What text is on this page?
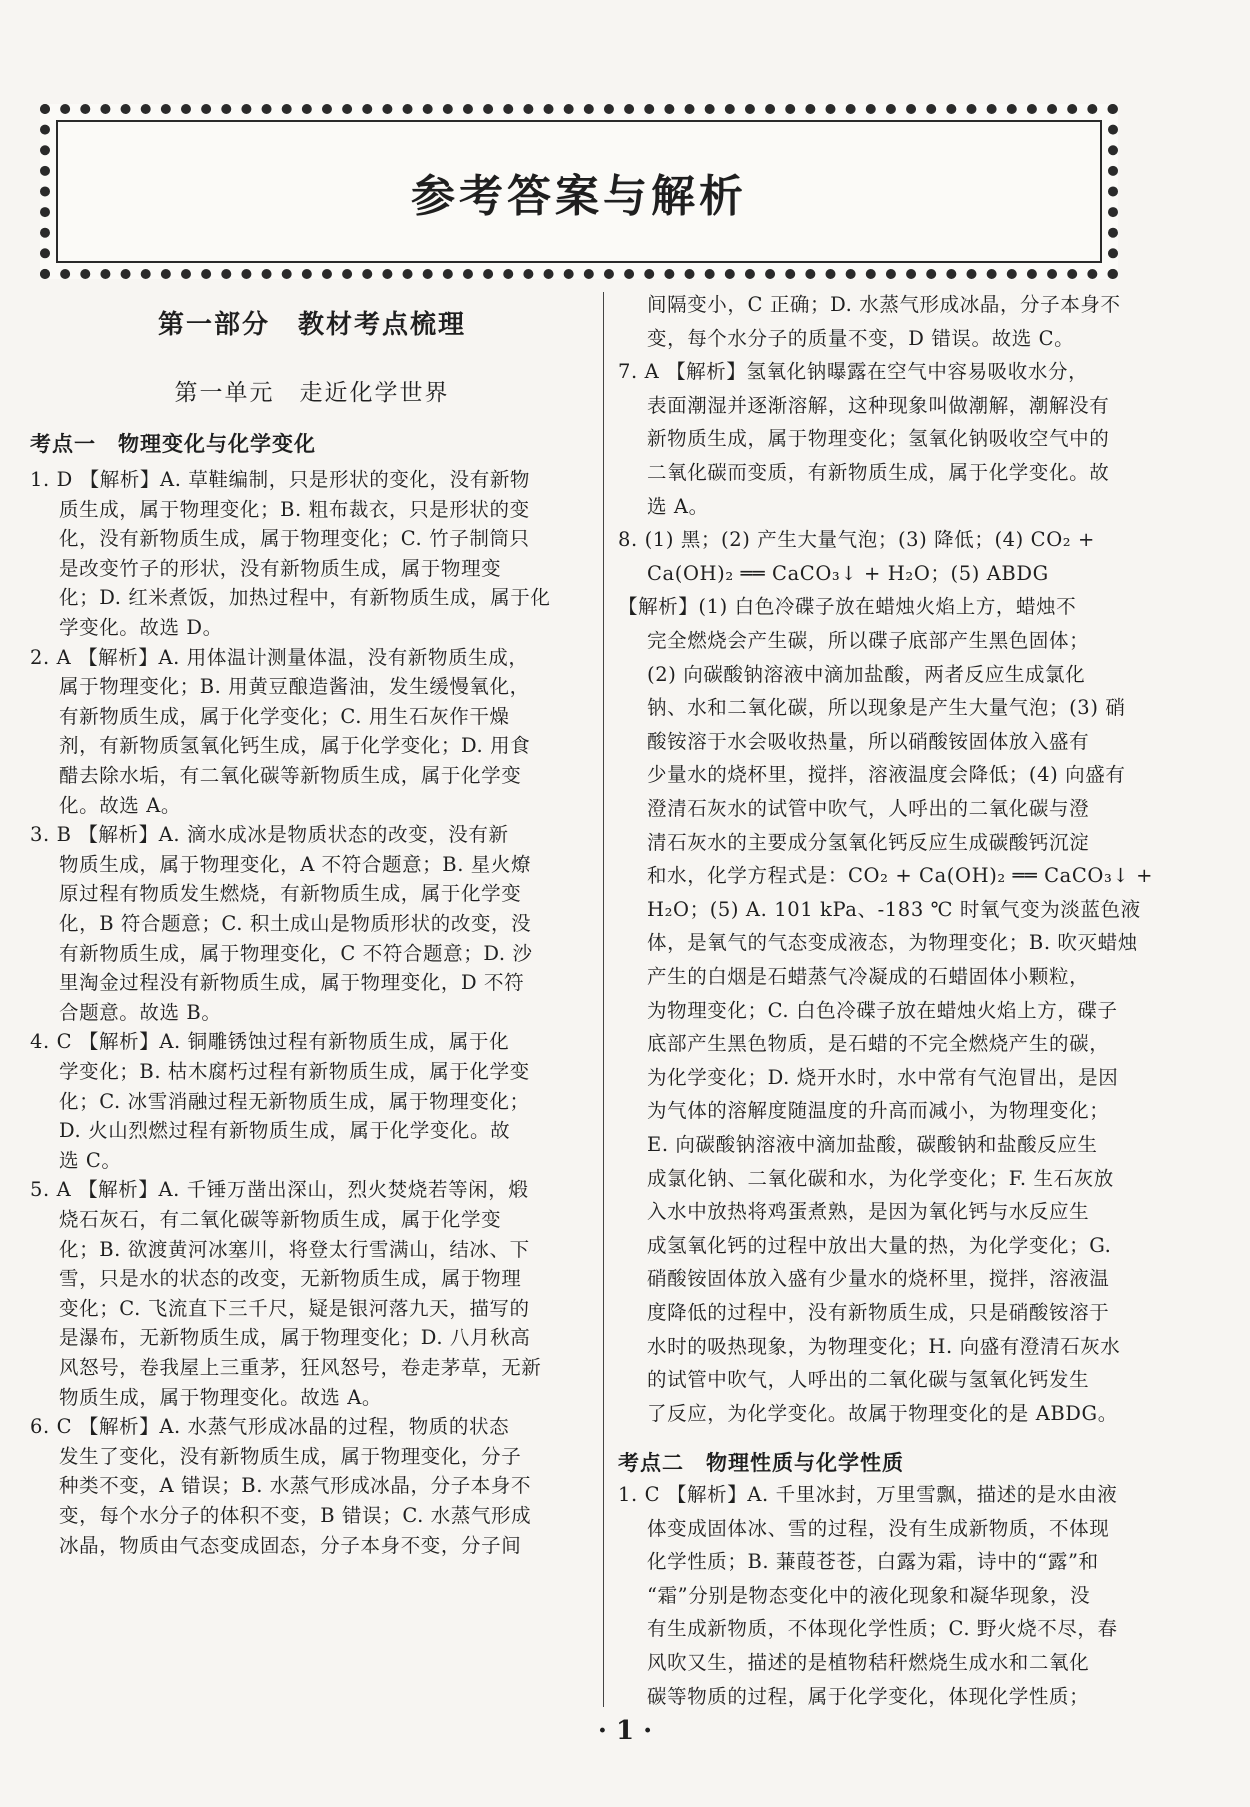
参考答案与解析
第一部分　教材考点梳理
第一单元　走近化学世界
考点一　物理变化与化学变化
1. D 【解析】A. 草鞋编制，只是形状的变化，没有新物
质生成，属于物理变化；B. 粗布裁衣，只是形状的变
化，没有新物质生成，属于物理变化；C. 竹子制筒只
是改变竹子的形状，没有新物质生成，属于物理变
化；D. 红米煮饭，加热过程中，有新物质生成，属于化
学变化。故选 D。
2. A 【解析】A. 用体温计测量体温，没有新物质生成，
属于物理变化；B. 用黄豆酿造酱油，发生缓慢氧化，
有新物质生成，属于化学变化；C. 用生石灰作干燥
剂，有新物质氢氧化钙生成，属于化学变化；D. 用食
醋去除水垢，有二氧化碳等新物质生成，属于化学变
化。故选 A。
3. B 【解析】A. 滴水成冰是物质状态的改变，没有新
物质生成，属于物理变化，A 不符合题意；B. 星火燎
原过程有物质发生燃烧，有新物质生成，属于化学变
化，B 符合题意；C. 积土成山是物质形状的改变，没
有新物质生成，属于物理变化，C 不符合题意；D. 沙
里淘金过程没有新物质生成，属于物理变化，D 不符
合题意。故选 B。
4. C 【解析】A. 铜雕锈蚀过程有新物质生成，属于化
学变化；B. 枯木腐朽过程有新物质生成，属于化学变
化；C. 冰雪消融过程无新物质生成，属于物理变化；
D. 火山烈燃过程有新物质生成，属于化学变化。故
选 C。
5. A 【解析】A. 千锤万凿出深山，烈火焚烧若等闲，煅
烧石灰石，有二氧化碳等新物质生成，属于化学变
化；B. 欲渡黄河冰塞川，将登太行雪满山，结冰、下
雪，只是水的状态的改变，无新物质生成，属于物理
变化；C. 飞流直下三千尺，疑是银河落九天，描写的
是瀑布，无新物质生成，属于物理变化；D. 八月秋高
风怒号，卷我屋上三重茅，狂风怒号，卷走茅草，无新
物质生成，属于物理变化。故选 A。
6. C 【解析】A. 水蒸气形成冰晶的过程，物质的状态
发生了变化，没有新物质生成，属于物理变化，分子
种类不变，A 错误；B. 水蒸气形成冰晶，分子本身不
变，每个水分子的体积不变，B 错误；C. 水蒸气形成
冰晶，物质由气态变成固态，分子本身不变，分子间
间隔变小，C 正确；D. 水蒸气形成冰晶，分子本身不
变，每个水分子的质量不变，D 错误。故选 C。
7. A 【解析】氢氧化钠曝露在空气中容易吸收水分，
表面潮湿并逐渐溶解，这种现象叫做潮解，潮解没有
新物质生成，属于物理变化；氢氧化钠吸收空气中的
二氧化碳而变质，有新物质生成，属于化学变化。故
选 A。
8. (1) 黑；(2) 产生大量气泡；(3) 降低；(4) CO₂ +
Ca(OH)₂ ══ CaCO₃↓ + H₂O；(5) ABDG
【解析】(1) 白色冷碟子放在蜡烛火焰上方，蜡烛不
完全燃烧会产生碳，所以碟子底部产生黑色固体；
(2) 向碳酸钠溶液中滴加盐酸，两者反应生成氯化
钠、水和二氧化碳，所以现象是产生大量气泡；(3) 硝
酸铵溶于水会吸收热量，所以硝酸铵固体放入盛有
少量水的烧杯里，搅拌，溶液温度会降低；(4) 向盛有
澄清石灰水的试管中吹气，人呼出的二氧化碳与澄
清石灰水的主要成分氢氧化钙反应生成碳酸钙沉淀
和水，化学方程式是：CO₂ + Ca(OH)₂ ══ CaCO₃↓ +
H₂O；(5) A. 101 kPa、-183 ℃ 时氧气变为淡蓝色液
体，是氧气的气态变成液态，为物理变化；B. 吹灭蜡烛
产生的白烟是石蜡蒸气冷凝成的石蜡固体小颗粒，
为物理变化；C. 白色冷碟子放在蜡烛火焰上方，碟子
底部产生黑色物质，是石蜡的不完全燃烧产生的碳，
为化学变化；D. 烧开水时，水中常有气泡冒出，是因
为气体的溶解度随温度的升高而减小，为物理变化；
E. 向碳酸钠溶液中滴加盐酸，碳酸钠和盐酸反应生
成氯化钠、二氧化碳和水，为化学变化；F. 生石灰放
入水中放热将鸡蛋煮熟，是因为氧化钙与水反应生
成氢氧化钙的过程中放出大量的热，为化学变化；G.
硝酸铵固体放入盛有少量水的烧杯里，搅拌，溶液温
度降低的过程中，没有新物质生成，只是硝酸铵溶于
水时的吸热现象，为物理变化；H. 向盛有澄清石灰水
的试管中吹气，人呼出的二氧化碳与氢氧化钙发生
了反应，为化学变化。故属于物理变化的是 ABDG。
考点二　物理性质与化学性质
1. C 【解析】A. 千里冰封，万里雪飘，描述的是水由液
体变成固体冰、雪的过程，没有生成新物质，不体现
化学性质；B. 蒹葭苍苍，白露为霜，诗中的“露”和
“霜”分别是物态变化中的液化现象和凝华现象，没
有生成新物质，不体现化学性质；C. 野火烧不尽，春
风吹又生，描述的是植物秸秆燃烧生成水和二氧化
碳等物质的过程，属于化学变化，体现化学性质；
· 1 ·
